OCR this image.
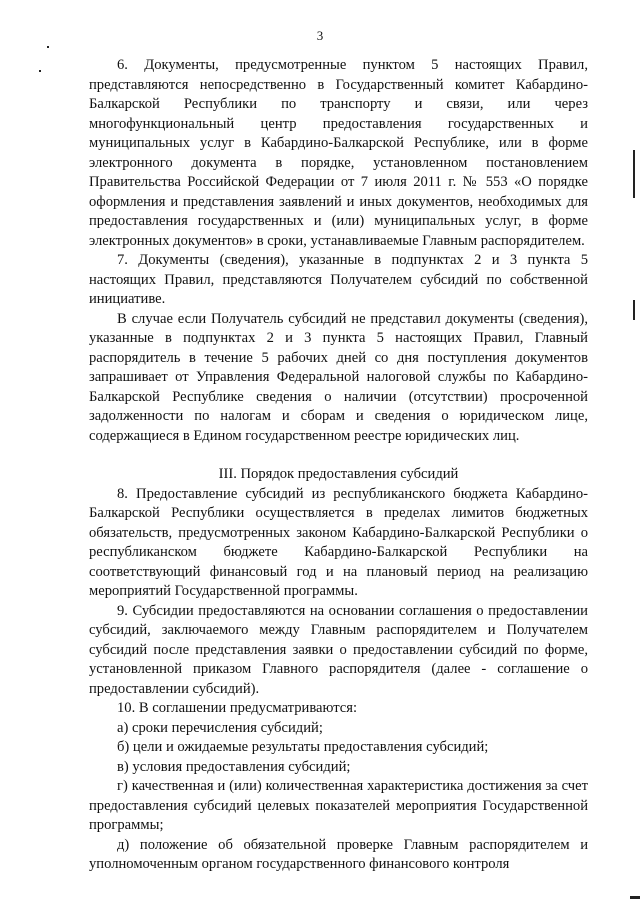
3

6. Документы, предусмотренные пунктом 5 настоящих Правил, представляются непосредственно в Государственный комитет Кабардино-Балкарской Республики по транспорту и связи, или через многофункциональный центр предоставления государственных и муниципальных услуг в Кабардино-Балкарской Республике, или в форме электронного документа в порядке, установленном постановлением Правительства Российской Федерации от 7 июля 2011 г. № 553 «О порядке оформления и представления заявлений и иных документов, необходимых для предоставления государственных и (или) муниципальных услуг, в форме электронных документов» в сроки, устанавливаемые Главным распорядителем.

7. Документы (сведения), указанные в подпунктах 2 и 3 пункта 5 настоящих Правил, представляются Получателем субсидий по собственной инициативе.

В случае если Получатель субсидий не представил документы (сведения), указанные в подпунктах 2 и 3 пункта 5 настоящих Правил, Главный распорядитель в течение 5 рабочих дней со дня поступления документов запрашивает от Управления Федеральной налоговой службы по Кабардино-Балкарской Республике сведения о наличии (отсутствии) просроченной задолженности по налогам и сборам и сведения о юридическом лице, содержащиеся в Едином государственном реестре юридических лиц.

III. Порядок предоставления субсидий

8. Предоставление субсидий из республиканского бюджета Кабардино-Балкарской Республики осуществляется в пределах лимитов бюджетных обязательств, предусмотренных законом Кабардино-Балкарской Республики о республиканском бюджете Кабардино-Балкарской Республики на соответствующий финансовый год и на плановый период на реализацию мероприятий Государственной программы.

9. Субсидии предоставляются на основании соглашения о предоставлении субсидий, заключаемого между Главным распорядителем и Получателем субсидий после представления заявки о предоставлении субсидий по форме, установленной приказом Главного распорядителя (далее - соглашение о предоставлении субсидий).

10. В соглашении предусматриваются:

а) сроки перечисления субсидий;

б) цели и ожидаемые результаты предоставления субсидий;

в) условия предоставления субсидий;

г) качественная и (или) количественная характеристика достижения за счет предоставления субсидий целевых показателей мероприятия Государственной программы;

д) положение об обязательной проверке Главным распорядителем и уполномоченным органом государственного финансового контроля
